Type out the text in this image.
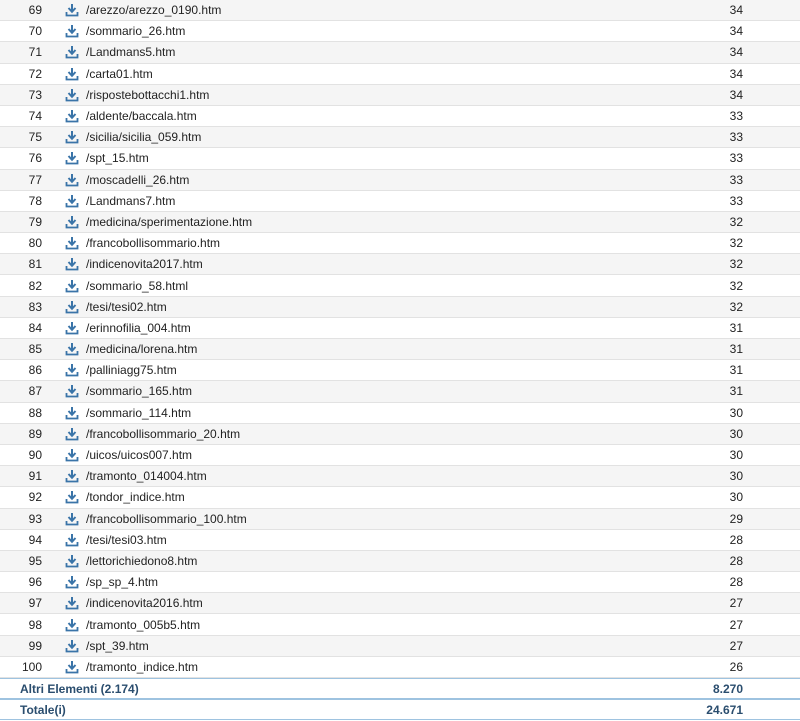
69	/arezzo/arezzo_0190.htm	34
70	/sommario_26.htm	34
71	/Landmans5.htm	34
72	/carta01.htm	34
73	/rispostebottacchi1.htm	34
74	/aldente/baccala.htm	33
75	/sicilia/sicilia_059.htm	33
76	/spt_15.htm	33
77	/moscadelli_26.htm	33
78	/Landmans7.htm	33
79	/medicina/sperimentazione.htm	32
80	/francobollisommario.htm	32
81	/indicenovita2017.htm	32
82	/sommario_58.html	32
83	/tesi/tesi02.htm	32
84	/erinnofilia_004.htm	31
85	/medicina/lorena.htm	31
86	/palliniagg75.htm	31
87	/sommario_165.htm	31
88	/sommario_114.htm	30
89	/francobollisommario_20.htm	30
90	/uicos/uicos007.htm	30
91	/tramonto_014004.htm	30
92	/tondor_indice.htm	30
93	/francobollisommario_100.htm	29
94	/tesi/tesi03.htm	28
95	/lettorichiedono8.htm	28
96	/sp_sp_4.htm	28
97	/indicenovita2016.htm	27
98	/tramonto_005b5.htm	27
99	/spt_39.htm	27
100	/tramonto_indice.htm	26
Altri Elementi (2.174)	8.270
Totale(i)	24.671
